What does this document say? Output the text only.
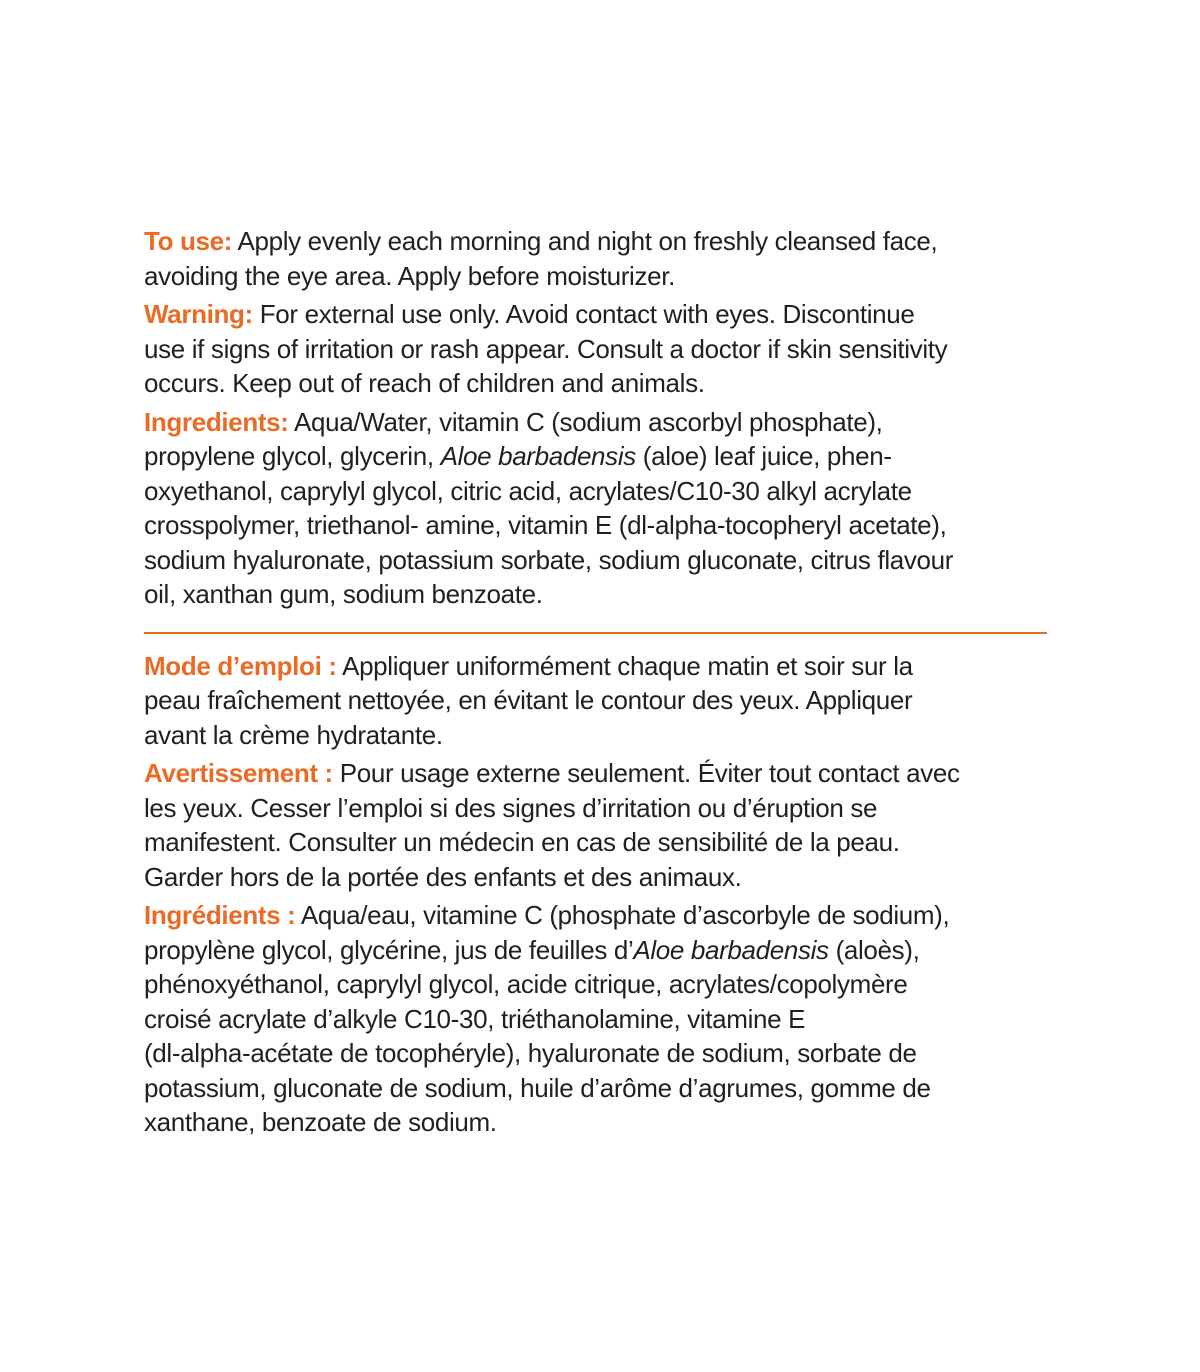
To use: Apply evenly each morning and night on freshly cleansed face,
avoiding the eye area. Apply before moisturizer.

Warning: For external use only. Avoid contact with eyes. Discontinue
use if signs of irritation or rash appear. Consult a doctor if skin sensitivity
occurs. Keep out of reach of children and animals.

Ingredients: Aqua/Water, vitamin C (sodium ascorbyl phosphate),
propylene glycol, glycerin, Aloe barbadensis (aloe) leaf juice, phen-
oxyethanol, caprylyl glycol, citric acid, acrylates/C10-30 alkyl acrylate
crosspolymer, triethanol- amine, vitamin E (dl-alpha-tocopheryl acetate),
sodium hyaluronate, potassium sorbate, sodium gluconate, citrus flavour
oil, xanthan gum, sodium benzoate.

Mode d’emploi : Appliquer uniformément chaque matin et soir sur la
peau fraîchement nettoyée, en évitant le contour des yeux. Appliquer
avant la crème hydratante.

Avertissement : Pour usage externe seulement. Éviter tout contact avec
les yeux. Cesser l’emploi si des signes d’irritation ou d’éruption se
manifestent. Consulter un médecin en cas de sensibilité de la peau.
Garder hors de la portée des enfants et des animaux.

Ingrédients : Aqua/eau, vitamine C (phosphate d’ascorbyle de sodium),
propylène glycol, glycérine, jus de feuilles d’Aloe barbadensis (aloès),
phénoxyéthanol, caprylyl glycol, acide citrique, acrylates/copolymère
croisé acrylate d’alkyle C10-30, triéthanolamine, vitamine E
(dl-alpha-acétate de tocophéryle), hyaluronate de sodium, sorbate de
potassium, gluconate de sodium, huile d’arôme d’agrumes, gomme de
xanthane, benzoate de sodium.
